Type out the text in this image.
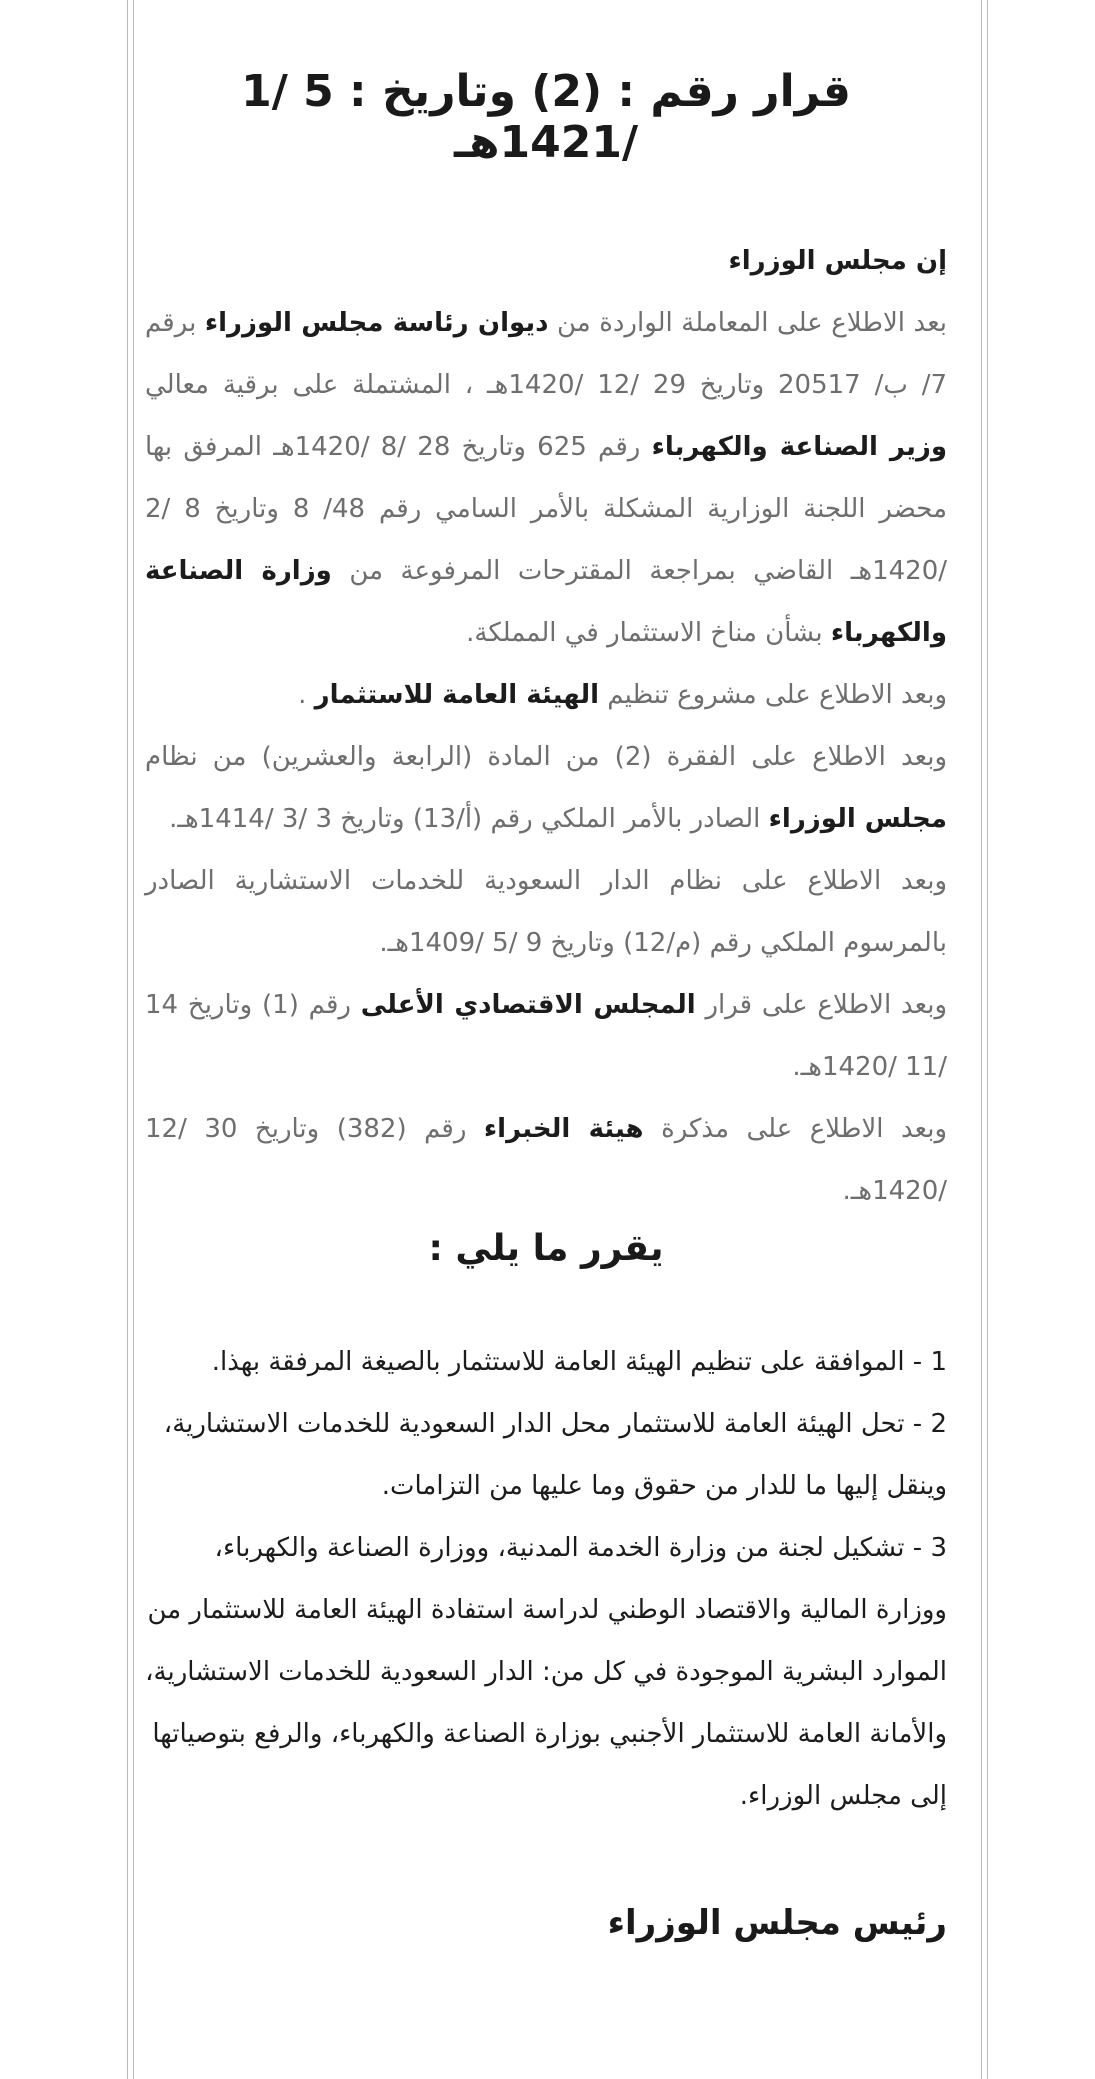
قرار رقم : (2) وتاريخ : 5 /1 /1421هـ

إن مجلس الوزراء

بعد الاطلاع على المعاملة الواردة من ديوان رئاسة مجلس الوزراء برقم 7/ ب/ 20517 وتاريخ 29 /12 /1420هـ ، المشتملة على برقية معالي وزير الصناعة والكهرباء رقم 625 وتاريخ 28 /8 /1420هـ المرفق بها محضر اللجنة الوزارية المشكلة بالأمر السامي رقم 48/ 8 وتاريخ 8 /2 /1420هـ القاضي بمراجعة المقترحات المرفوعة من وزارة الصناعة والكهرباء بشأن مناخ الاستثمار في المملكة.

وبعد الاطلاع على مشروع تنظيم الهيئة العامة للاستثمار .

وبعد الاطلاع على الفقرة (2) من المادة (الرابعة والعشرين) من نظام مجلس الوزراء الصادر بالأمر الملكي رقم (أ/13) وتاريخ 3 /3 /1414هـ.

وبعد الاطلاع على نظام الدار السعودية للخدمات الاستشارية الصادر بالمرسوم الملكي رقم (م/12) وتاريخ 9 /5 /1409هـ.

وبعد الاطلاع على قرار المجلس الاقتصادي الأعلى رقم (1) وتاريخ 14 /11 /1420هـ.

وبعد الاطلاع على مذكرة هيئة الخبراء رقم (382) وتاريخ 30 /12 /1420هـ.

يقرر ما يلي :

1 - الموافقة على تنظيم الهيئة العامة للاستثمار بالصيغة المرفقة بهذا.

2 - تحل الهيئة العامة للاستثمار محل الدار السعودية للخدمات الاستشارية، وينقل إليها ما للدار من حقوق وما عليها من التزامات.

3 - تشكيل لجنة من وزارة الخدمة المدنية، ووزارة الصناعة والكهرباء، ووزارة المالية والاقتصاد الوطني لدراسة استفادة الهيئة العامة للاستثمار من الموارد البشرية الموجودة في كل من: الدار السعودية للخدمات الاستشارية، والأمانة العامة للاستثمار الأجنبي بوزارة الصناعة والكهرباء، والرفع بتوصياتها إلى مجلس الوزراء.

رئيس مجلس الوزراء
